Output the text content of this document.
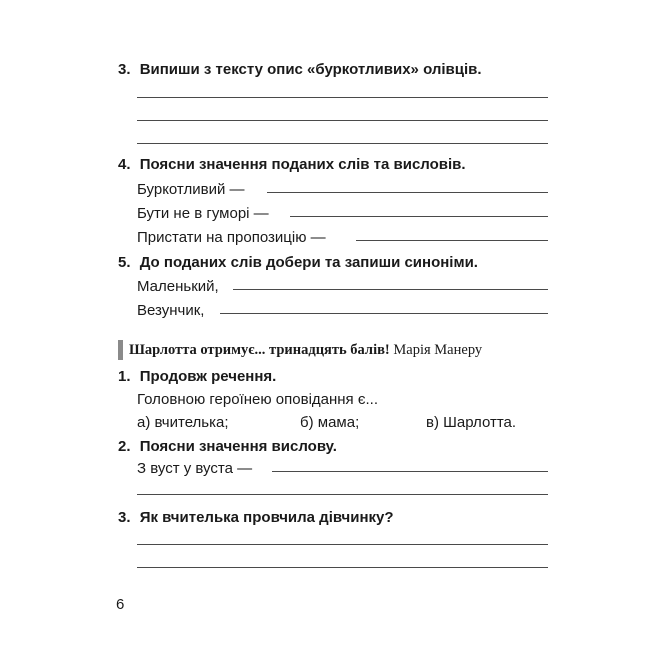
3. Випиши з тексту опис «буркотливих» олівців.
4. Поясни значення поданих слів та висловів.
Буркотливий —
Бути не в гуморі —
Пристати на пропозицію —
5. До поданих слів добери та запиши синоніми.
Маленький,
Везунчик,
Шарлотта отримує... тринадцять балів! Марія Манеру
1. Продовж речення.
Головною героїнею оповідання є...
а) вчителька;	б) мама;	в) Шарлотта.
2. Поясни значення вислову.
З вуст у вуста —
3. Як вчителька провчила дівчинку?
6
